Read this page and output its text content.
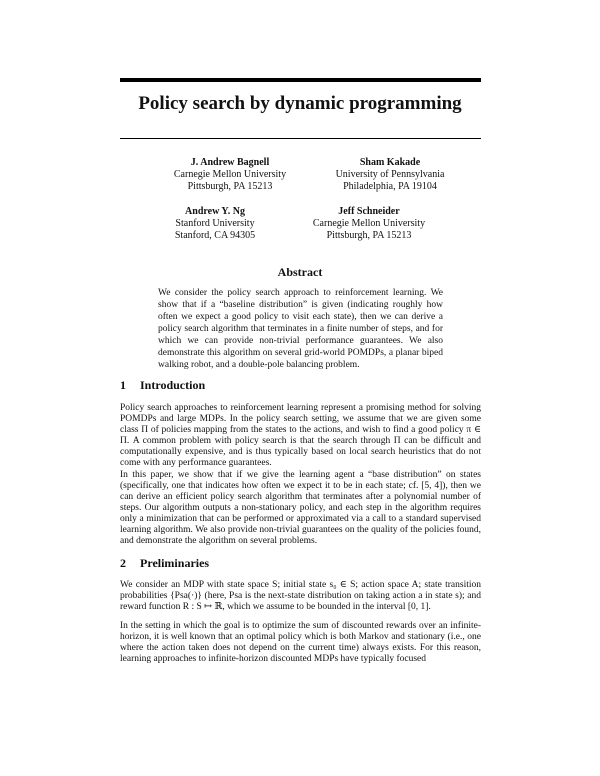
Policy search by dynamic programming
J. Andrew Bagnell
Carnegie Mellon University
Pittsburgh, PA 15213
Sham Kakade
University of Pennsylvania
Philadelphia, PA 19104
Andrew Y. Ng
Stanford University
Stanford, CA 94305
Jeff Schneider
Carnegie Mellon University
Pittsburgh, PA 15213
Abstract

We consider the policy search approach to reinforcement learning. We show that if a “baseline distribution” is given (indicating roughly how often we expect a good policy to visit each state), then we can derive a policy search algorithm that terminates in a finite number of steps, and for which we can provide non-trivial performance guarantees. We also demonstrate this algorithm on several grid-world POMDPs, a planar biped walking robot, and a double-pole balancing problem.

1 Introduction

Policy search approaches to reinforcement learning represent a promising method for solving POMDPs and large MDPs. In the policy search setting, we assume that we are given some class Π of policies mapping from the states to the actions, and wish to find a good policy π ∈ Π. A common problem with policy search is that the search through Π can be difficult and computationally expensive, and is thus typically based on local search heuristics that do not come with any performance guarantees.

In this paper, we show that if we give the learning agent a “base distribution” on states (specifically, one that indicates how often we expect it to be in each state; cf. [5, 4]), then we can derive an efficient policy search algorithm that terminates after a polynomial number of steps. Our algorithm outputs a non-stationary policy, and each step in the algorithm requires only a minimization that can be performed or approximated via a call to a standard supervised learning algorithm. We also provide non-trivial guarantees on the quality of the policies found, and demonstrate the algorithm on several problems.

2 Preliminaries

We consider an MDP with state space S; initial state s₀ ∈ S; action space A; state transition probabilities {Psa(·)} (here, Psa is the next-state distribution on taking action a in state s); and reward function R : S ↦ ℝ, which we assume to be bounded in the interval [0, 1].

In the setting in which the goal is to optimize the sum of discounted rewards over an infinite-horizon, it is well known that an optimal policy which is both Markov and stationary (i.e., one where the action taken does not depend on the current time) always exists. For this reason, learning approaches to infinite-horizon discounted MDPs have typically focused
